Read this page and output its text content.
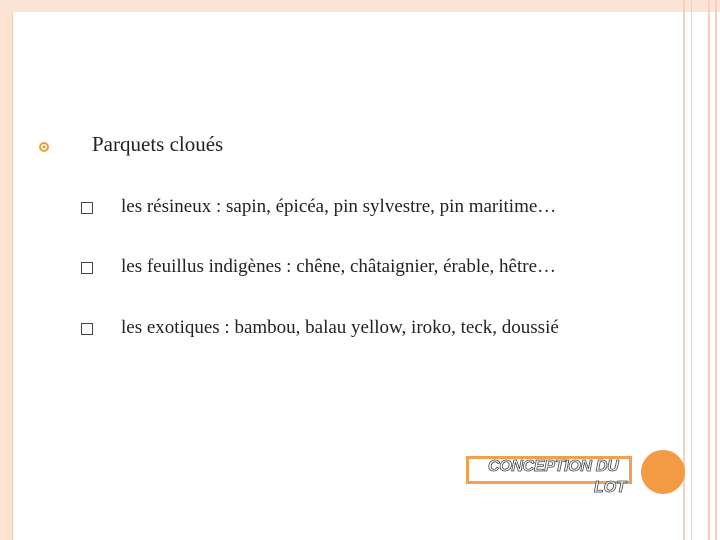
Parquets cloués
les résineux : sapin, épicéa, pin sylvestre, pin maritime…
les feuillus indigènes : chêne, châtaignier, érable, hêtre…
les exotiques : bambou, balau yellow, iroko, teck, doussié
CONCEPTION DU
LOT
